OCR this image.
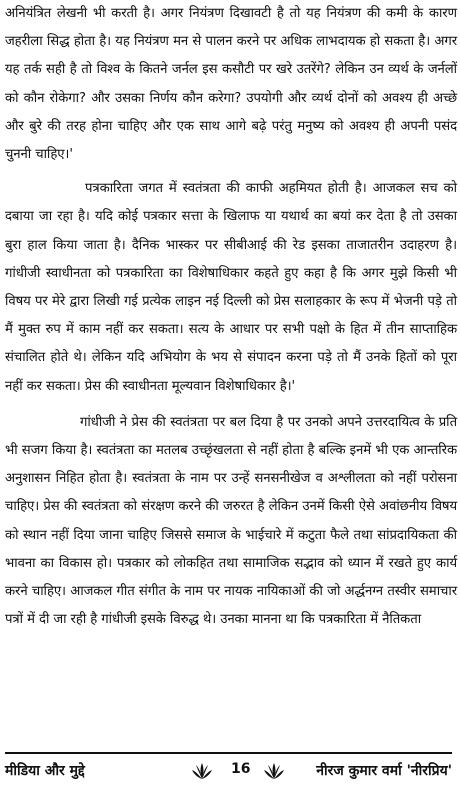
अनियंत्रित लेखनी भी करती है। अगर नियंत्रण दिखावटी है तो यह नियंत्रण की कमी के कारण जहरीला सिद्ध होता है। यह नियंत्रण मन से पालन करने पर अधिक लाभदायक हो सकता है। अगर यह तर्क सही है तो विश्व के कितने जर्नल इस कसौटी पर खरे उतरेंगे? लेकिन उन व्यर्थ के जर्नलों को कौन रोकेगा? और उसका निर्णय कौन करेगा? उपयोगी और व्यर्थ दोनों को अवश्य ही अच्छे और बुरे की तरह होना चाहिए और एक साथ आगे बढ़े परंतु मनुष्य को अवश्य ही अपनी पसंद चुननी चाहिए।'

पत्रकारिता जगत में स्वतंत्रता की काफी अहमियत होती है। आजकल सच को दबाया जा रहा है। यदि कोई पत्रकार सत्ता के खिलाफ या यथार्थ का बयां कर देता है तो उसका बुरा हाल किया जाता है। दैनिक भास्कर पर सीबीआई की रेड इसका ताजातरीन उदाहरण है। गांधीजी स्वाधीनता को पत्रकारिता का विशेषाधिकार कहते हुए कहा है कि अगर मुझे किसी भी विषय पर मेरे द्वारा लिखी गई प्रत्येक लाइन नई दिल्ली को प्रेस सलाहकार के रूप में भेजनी पड़े तो मैं मुक्त रुप में काम नहीं कर सकता। सत्य के आधार पर सभी पक्षो के हित में तीन साप्ताहिक संचालित होते थे। लेकिन यदि अभियोग के भय से संपादन करना पड़े तो मैं उनके हितों को पूरा नहीं कर सकता। प्रेस की स्वाधीनता मूल्यवान विशेषाधिकार है।'

गांधीजी ने प्रेस की स्वतंत्रता पर बल दिया है पर उनको अपने उत्तरदायित्व के प्रति भी सजग किया है। स्वतंत्रता का मतलब उच्छृंखलता से नहीं होता है बल्कि इनमें भी एक आन्तरिक अनुशासन निहित होता है। स्वतंत्रता के नाम पर उन्हें सनसनीखेज व अश्लीलता को नहीं परोसना चाहिए। प्रेस की स्वतंत्रता को संरक्षण करने की जरुरत है लेकिन उनमें किसी ऐसे अवांछनीय विषय को स्थान नहीं दिया जाना चाहिए जिससे समाज के भाईचारे में कटुता फैले तथा सांप्रदायिकता की भावना का विकास हो। पत्रकार को लोकहित तथा सामाजिक सद्भाव को ध्यान में रखते हुए कार्य करने चाहिए। आजकल गीत संगीत के नाम पर नायक नायिकाओं की जो अर्द्धनग्न तस्वीर समाचार पत्रों में दी जा रही है गांधीजी इसके विरुद्ध थे। उनका मानना था कि पत्रकारिता में नैतिकता

मीडिया और मुद्दे	16	नीरज कुमार वर्मा 'नीरप्रिय'
